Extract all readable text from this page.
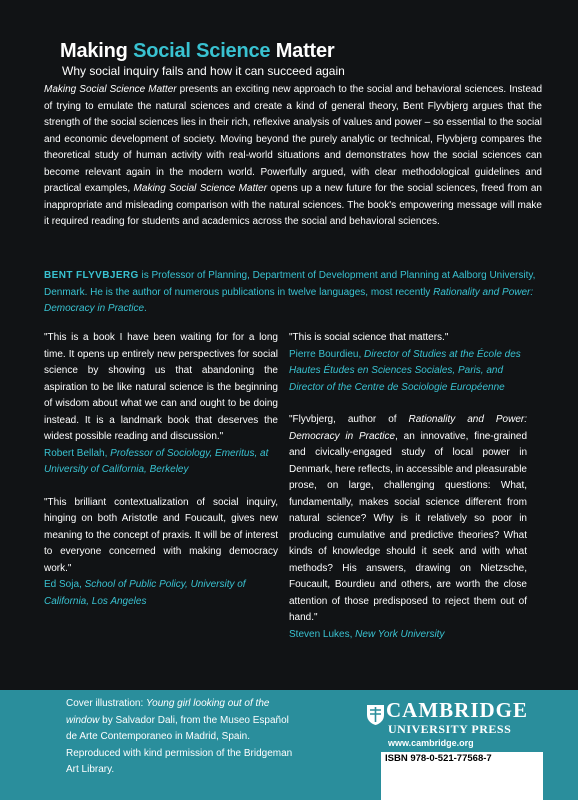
Making Social Science Matter
Why social inquiry fails and how it can succeed again

Making Social Science Matter presents an exciting new approach to the social and behavioral sciences. Instead of trying to emulate the natural sciences and create a kind of general theory, Bent Flyvbjerg argues that the strength of the social sciences lies in their rich, reflexive analysis of values and power – so essential to the social and economic development of society. Moving beyond the purely analytic or technical, Flyvbjerg compares the theoretical study of human activity with real-world situations and demonstrates how the social sciences can become relevant again in the modern world. Powerfully argued, with clear methodological guidelines and practical examples, Making Social Science Matter opens up a new future for the social sciences, freed from an inappropriate and misleading comparison with the natural sciences. The book's empowering message will make it required reading for students and academics across the social and behavioral sciences.

BENT FLYVBJERG is Professor of Planning, Department of Development and Planning at Aalborg University, Denmark. He is the author of numerous publications in twelve languages, most recently Rationality and Power: Democracy in Practice.

"This is a book I have been waiting for for a long time. It opens up entirely new perspectives for social science by showing us that abandoning the aspiration to be like natural science is the beginning of wisdom about what we can and ought to be doing instead. It is a landmark book that deserves the widest possible reading and discussion."

Robert Bellah, Professor of Sociology, Emeritus, at University of California, Berkeley

"This brilliant contextualization of social inquiry, hinging on both Aristotle and Foucault, gives new meaning to the concept of praxis. It will be of interest to everyone concerned with making democracy work."

Ed Soja, School of Public Policy, University of California, Los Angeles

"This is social science that matters."

Pierre Bourdieu, Director of Studies at the École des Hautes Études en Sciences Sociales, Paris, and Director of the Centre de Sociologie Européenne

"Flyvbjerg, author of Rationality and Power: Democracy in Practice, an innovative, fine-grained and civically-engaged study of local power in Denmark, here reflects, in accessible and pleasurable prose, on large, challenging questions: What, fundamentally, makes social science different from natural science? Why is it relatively so poor in producing cumulative and predictive theories? What kinds of knowledge should it seek and with what methods? His answers, drawing on Nietzsche, Foucault, Bourdieu and others, are worth the close attention of those predisposed to reject them out of hand."

Steven Lukes, New York University

Cover illustration: Young girl looking out of the window by Salvador Dali, from the Museo Español de Arte Contemporaneo in Madrid, Spain. Reproduced with kind permission of the Bridgeman Art Library.

CAMBRIDGE
UNIVERSITY PRESS
www.cambridge.org
ISBN 978-0-521-77568-7
